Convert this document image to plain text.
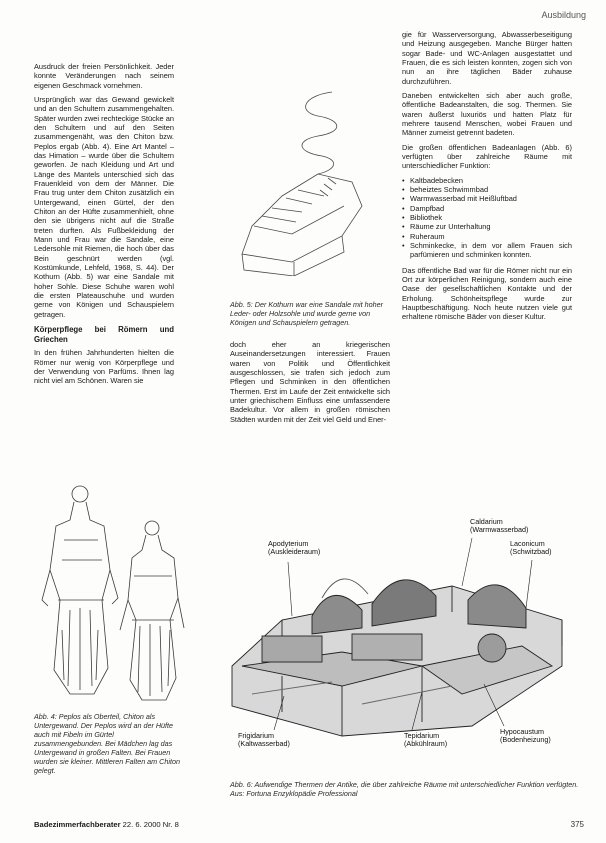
Ausbildung

Ausdruck der freien Persönlichkeit. Jeder konnte Veränderungen nach seinem eigenen Geschmack vornehmen.

Ursprünglich war das Gewand gewickelt und an den Schultern zusammengehalten. Später wurden zwei rechteckige Stücke an den Schultern und auf den Seiten zusammengenäht, was den Chiton bzw. Peplos ergab (Abb. 4). Eine Art Mantel – das Himation – wurde über die Schultern geworfen. Je nach Kleidung und Art und Länge des Mantels unterschied sich das Frauenkleid von dem der Männer. Die Frau trug unter dem Chiton zusätzlich ein Untergewand, einen Gürtel, der den Chiton an der Hüfte zusammenhielt, ohne den sie übrigens nicht auf die Straße treten durften. Als Fußbekleidung der Mann und Frau war die Sandale, eine Ledersohle mit Riemen, die hoch über das Bein geschnürt werden (vgl. Kostümkunde, Lehfeld, 1968, S. 44). Der Kothurn (Abb. 5) war eine Sandale mit hoher Sohle. Diese Schuhe waren wohl die ersten Plateauschuhe und wurden gerne von Königen und Schauspielern getragen.

Körperpflege bei Römern und Griechen

In den frühen Jahrhunderten hielten die Römer nur wenig von Körperpflege und der Verwendung von Parfüms. Ihnen lag nicht viel am Schönen. Waren sie

Abb. 4: Peplos als Oberteil, Chiton als Untergewand. Der Peplos wird an der Hüfte auch mit Fibeln im Gürtel zusammengebunden. Bei Mädchen lag das Untergewand in großen Falten. Bei Frauen wurden sie kleiner. Mittleren Falten am Chiton gelegt.
Abb. 5: Der Kothurn war eine Sandale mit hoher Leder- oder Holzsohle und wurde gerne von Königen und Schauspielern getragen.

doch eher an kriegerischen Auseinandersetzungen interessiert. Frauen waren von Politik und Öffentlichkeit ausgeschlossen, sie trafen sich jedoch zum Pflegen und Schminken in den öffentlichen Thermen. Erst im Laufe der Zeit entwickelte sich unter griechischem Einfluss eine umfassendere Badekultur. Vor allem in großen römischen Städten wurden mit der Zeit viel Geld und Ener-

gie für Wasserversorgung, Abwasserbeseitigung und Heizung ausgegeben. Manche Bürger hatten sogar Bade- und WC-Anlagen ausgestattet und Frauen, die es sich leisten konnten, zogen sich von nun an ihre täglichen Bäder zuhause durchzuführen.

Daneben entwickelten sich aber auch große, öffentliche Badeanstalten, die sog. Thermen. Sie waren äußerst luxuriös und hatten Platz für mehrere tausend Menschen, wobei Frauen und Männer zumeist getrennt badeten.

Die großen öffentlichen Badeanlagen (Abb. 6) verfügten über zahlreiche Räume mit unterschiedlicher Funktion:

• Kaltbadebecken
• beheiztes Schwimmbad
• Warmwasserbad mit Heißluftbad
• Dampfbad
• Bibliothek
• Räume zur Unterhaltung
• Ruheraum
• Schminkecke, in dem vor allem Frauen sich parfümieren und schminken konnten.

Das öffentliche Bad war für die Römer nicht nur ein Ort zur körperlichen Reinigung, sondern auch eine Oase der gesellschaftlichen Kontakte und der Erholung. Schönheitspflege wurde zur Hauptbeschäftigung. Noch heute nutzen viele gut erhaltene römische Bäder von dieser Kultur.

Caldarium
(Warmwasserbad)
Apodyterium
(Auskleideraum)
Laconicum
(Schwitzbad)
Frigidarium
(Kaltwasserbad)
Tepidarium
(Abkühlraum)
Hypocaustum
(Bodenheizung)
Abb. 6: Aufwendige Thermen der Antike, die über zahlreiche Räume mit unterschiedlicher Funktion verfügten. Aus: Fortuna Enzyklopädie Professional
Badezimmerfachberater 22. 6. 2000 Nr. 8	375
